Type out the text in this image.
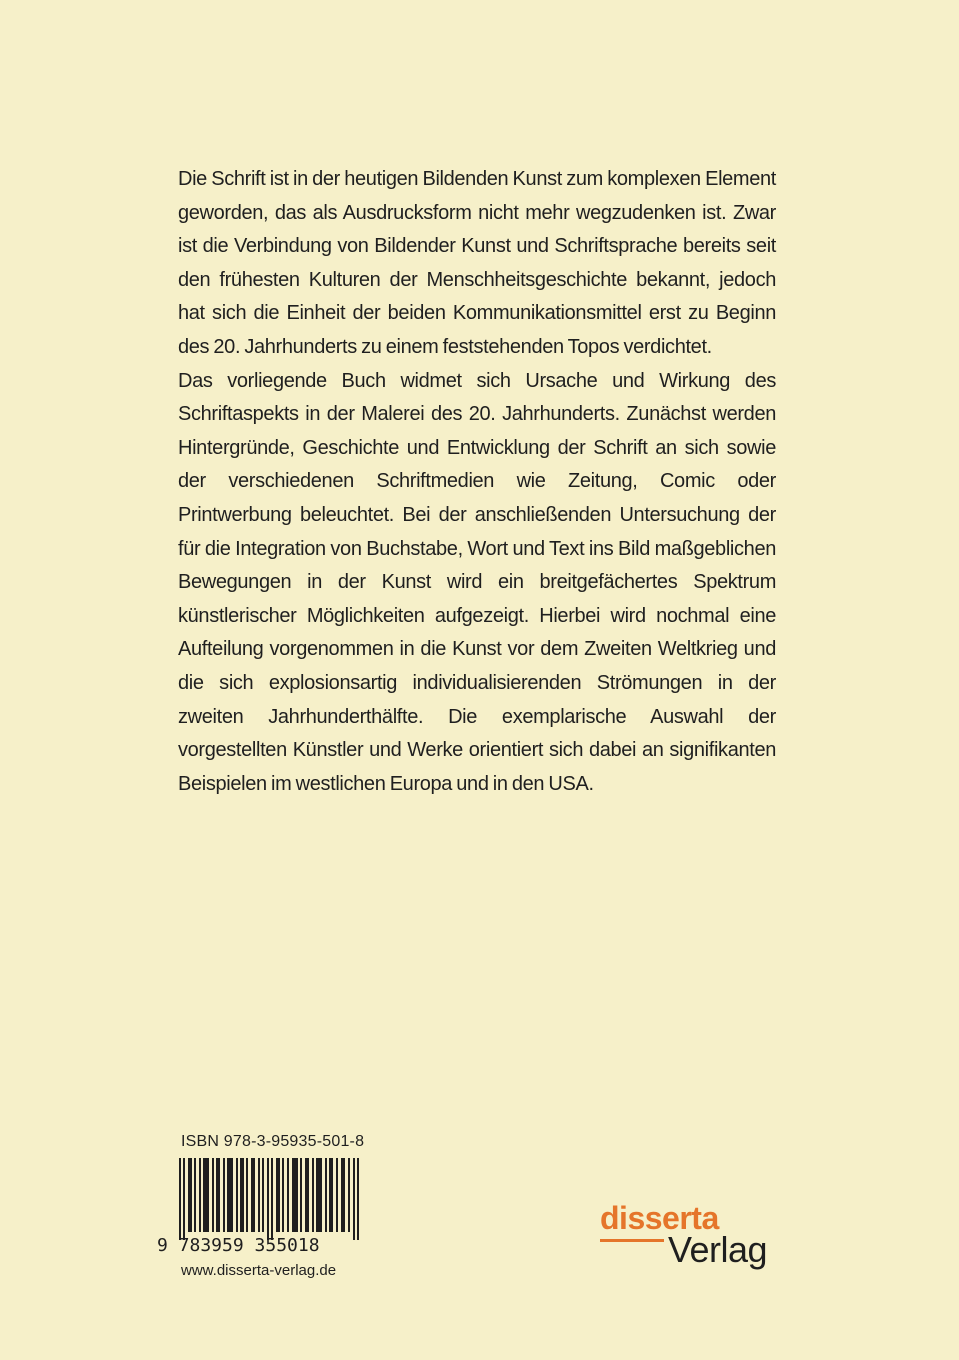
Die Schrift ist in der heutigen Bildenden Kunst zum komplexen Element geworden, das als Ausdrucksform nicht mehr wegzudenken ist. Zwar ist die Verbindung von Bildender Kunst und Schriftsprache bereits seit den frühesten Kulturen der Menschheitsgeschichte bekannt, jedoch hat sich die Einheit der beiden Kommunikationsmittel erst zu Beginn des 20. Jahrhunderts zu einem feststehenden Topos verdichtet.

Das vorliegende Buch widmet sich Ursache und Wirkung des Schriftaspekts in der Malerei des 20. Jahrhunderts. Zunächst werden Hintergründe, Geschichte und Entwicklung der Schrift an sich sowie der verschiedenen Schriftmedien wie Zeitung, Comic oder Printwerbung beleuchtet. Bei der anschließenden Untersuchung der für die Integration von Buchstabe, Wort und Text ins Bild maßgeblichen Bewegungen in der Kunst wird ein breitgefächertes Spektrum künstlerischer Möglichkeiten aufgezeigt. Hierbei wird nochmal eine Aufteilung vorgenommen in die Kunst vor dem Zweiten Weltkrieg und die sich explosionsartig individualisierenden Strömungen in der zweiten Jahrhunderthälfte. Die exemplarische Auswahl der vorgestellten Künstler und Werke orientiert sich dabei an signifikanten Beispielen im westlichen Europa und in den USA.

ISBN 978-3-95935-501-8
9 783959 355018
www.disserta-verlag.de
disserta
Verlag
